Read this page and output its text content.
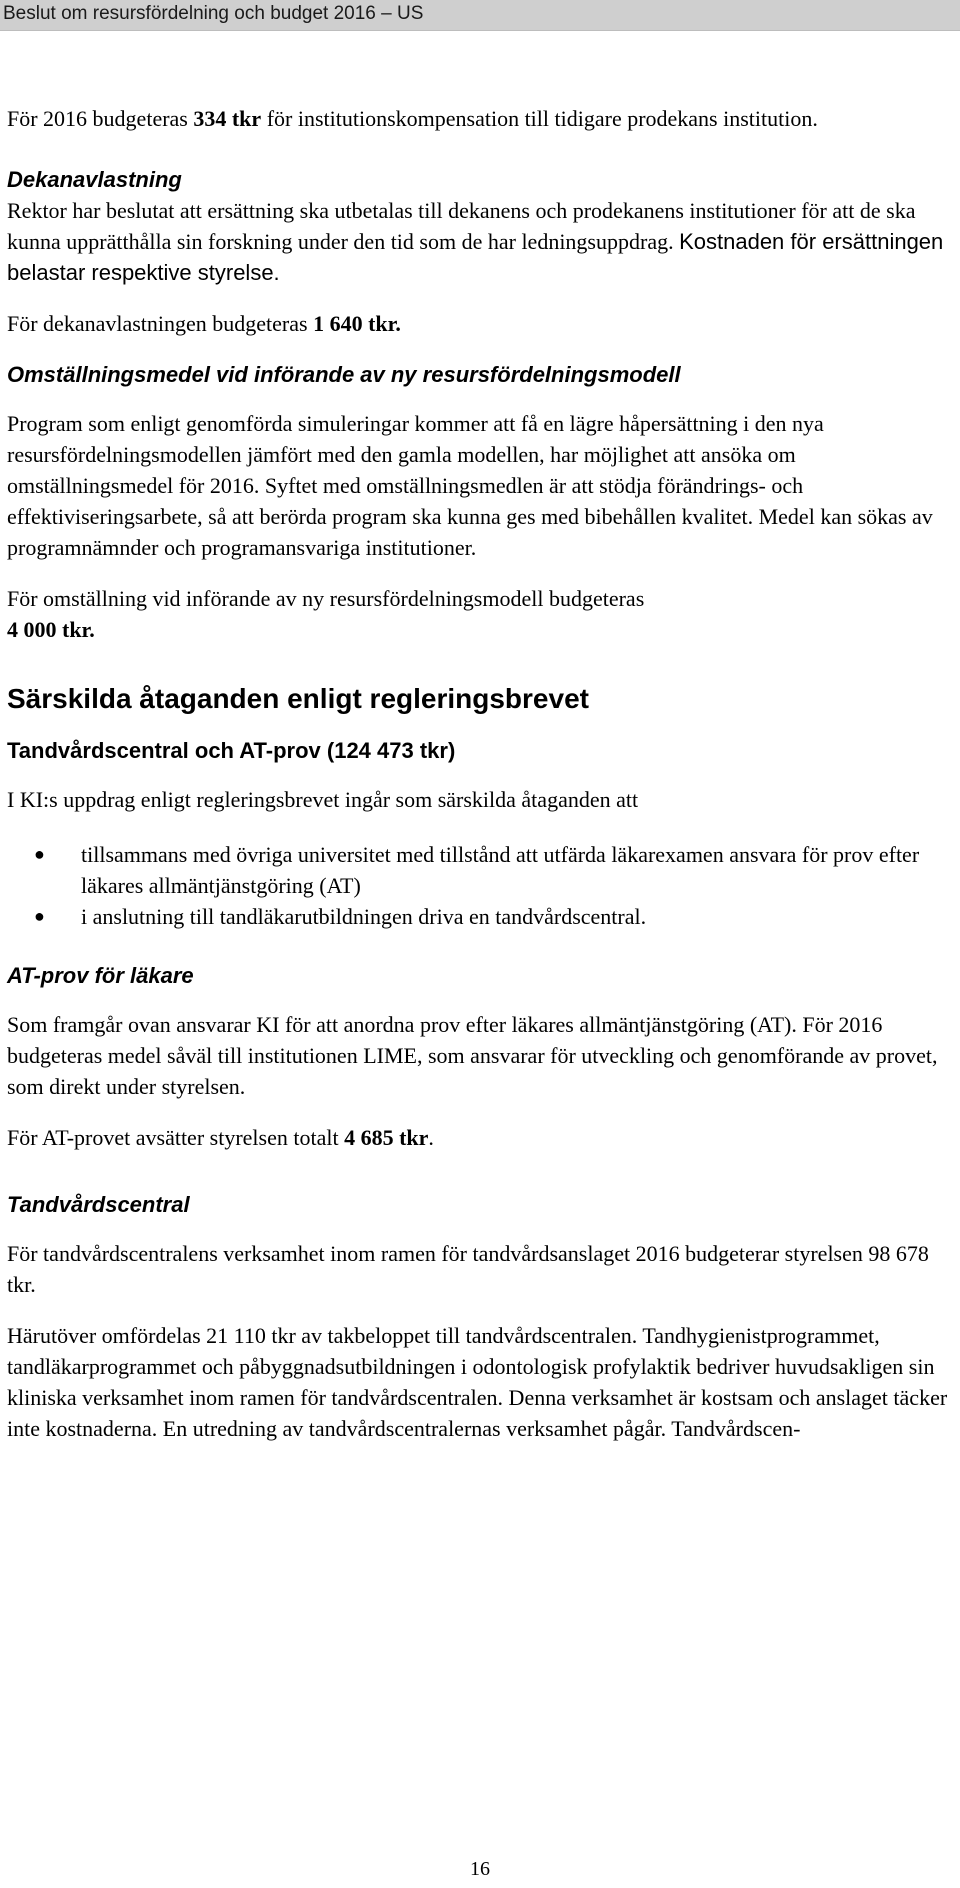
Beslut om resursfördelning och budget 2016 – US

För 2016 budgeteras 334 tkr för institutionskompensation till tidigare prodekans institution.

Dekanavlastning

Rektor har beslutat att ersättning ska utbetalas till dekanens och prodekanens institutioner för att de ska kunna upprätthålla sin forskning under den tid som de har ledningsuppdrag. Kostnaden för ersättningen belastar respektive styrelse.

För dekanavlastningen budgeteras 1 640 tkr.

Omställningsmedel vid införande av ny resursfördelningsmodell

Program som enligt genomförda simuleringar kommer att få en lägre håpersättning i den nya resursfördelningsmodellen jämfört med den gamla modellen, har möjlighet att ansöka om omställningsmedel för 2016. Syftet med omställningsmedlen är att stödja förändrings- och effektiviseringsarbete, så att berörda program ska kunna ges med bibehållen kvalitet. Medel kan sökas av programnämnder och programansvariga institutioner.

För omställning vid införande av ny resursfördelningsmodell budgeteras
4 000 tkr.

Särskilda åtaganden enligt regleringsbrevet
Tandvårdscentral och AT-prov (124 473 tkr)

I KI:s uppdrag enligt regleringsbrevet ingår som särskilda åtaganden att

● tillsammans med övriga universitet med tillstånd att utfärda läkarexamen ansvara för prov efter läkares allmäntjänstgöring (AT)
● i anslutning till tandläkarutbildningen driva en tandvårdscentral.
AT-prov för läkare

Som framgår ovan ansvarar KI för att anordna prov efter läkares allmäntjänstgöring (AT). För 2016 budgeteras medel såväl till institutionen LIME, som ansvarar för utveckling och genomförande av provet, som direkt under styrelsen.

För AT-provet avsätter styrelsen totalt 4 685 tkr.

Tandvårdscentral

För tandvårdscentralens verksamhet inom ramen för tandvårdsanslaget 2016 budgeterar styrelsen 98 678 tkr.

Härutöver omfördelas 21 110 tkr av takbeloppet till tandvårdscentralen. Tandhygienistprogrammet, tandläkarprogrammet och påbyggnadsutbildningen i odontologisk profylaktik bedriver huvudsakligen sin kliniska verksamhet inom ramen för tandvårdscentralen. Denna verksamhet är kostsam och anslaget täcker inte kostnaderna. En utredning av tandvårdscentralernas verksamhet pågår. Tandvårdscen-

16
